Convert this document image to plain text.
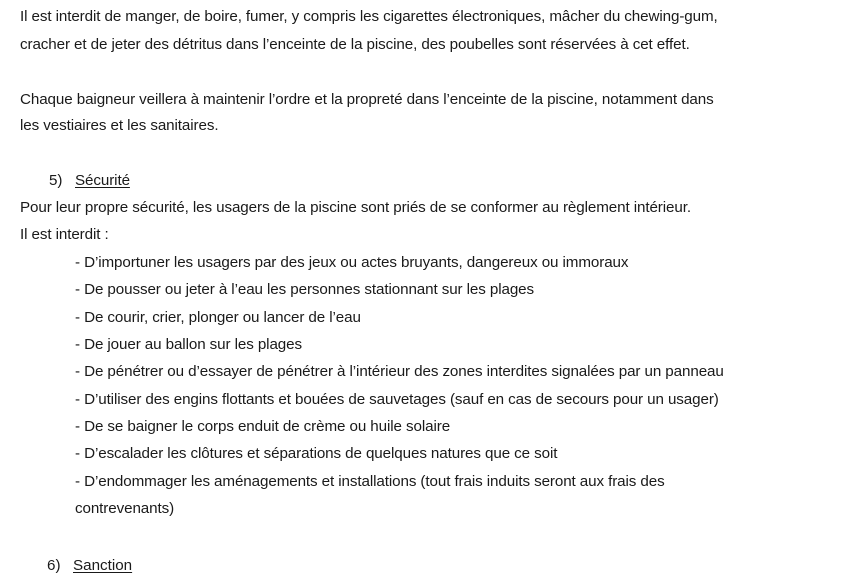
Il est interdit de manger, de boire, fumer, y compris les cigarettes électroniques, mâcher du chewing-gum,
cracher et de jeter des détritus dans l’enceinte de la piscine, des poubelles sont réservées à cet effet.
Chaque baigneur veillera à maintenir l’ordre et la propreté dans l’enceinte de la piscine, notamment dans
les vestiaires et les sanitaires.
5) Sécurité
Pour leur propre sécurité, les usagers de la piscine sont priés de se conformer au règlement intérieur.
Il est interdit :
- D’importuner les usagers par des jeux ou actes bruyants, dangereux ou immoraux
- De pousser ou jeter à l’eau les personnes stationnant sur les plages
- De courir, crier, plonger ou lancer de l’eau
- De jouer au ballon sur les plages
- De pénétrer ou d’essayer de pénétrer à l’intérieur des zones interdites signalées par un panneau
- D’utiliser des engins flottants et bouées de sauvetages (sauf en cas de secours pour un usager)
- De se baigner le corps enduit de crème ou huile solaire
- D’escalader les clôtures et séparations de quelques natures que ce soit
- D’endommager les aménagements et installations (tout frais induits seront aux frais des
contrevenants)
6) Sanction
